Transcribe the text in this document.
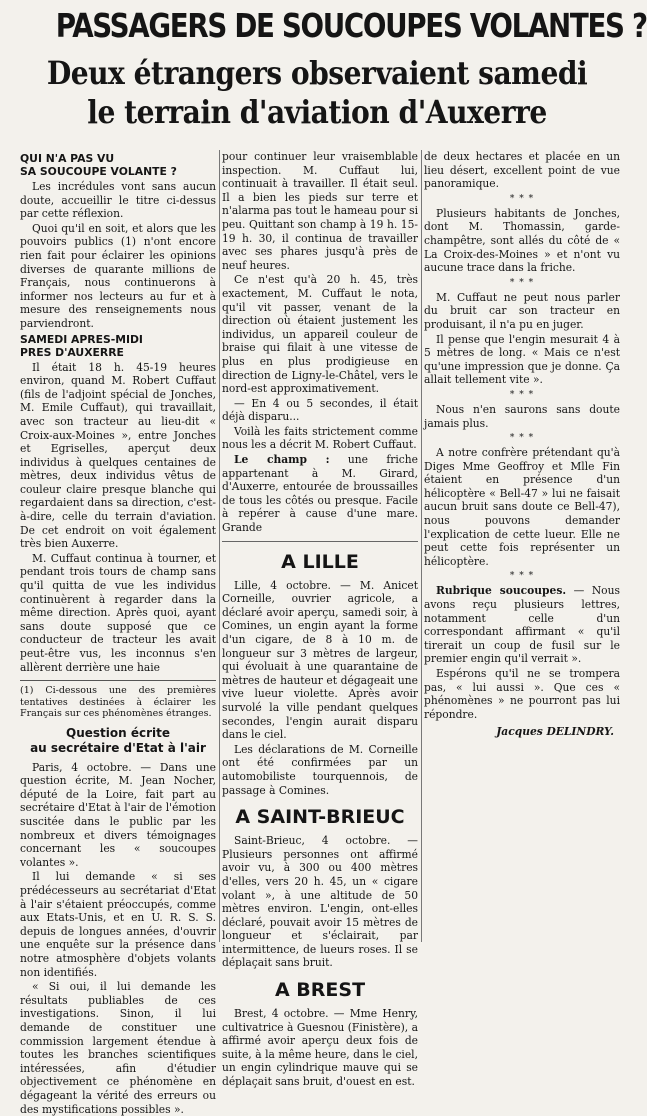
PASSAGERS DE SOUCOUPES VOLANTES ?
Deux étrangers observaient samedi
le terrain d'aviation d'Auxerre
QUI N'A PAS VU
SA SOUCOUPE VOLANTE ?

Les incrédules vont sans aucun doute, accueillir le titre ci-dessus par cette réflexion.

Quoi qu'il en soit, et alors que les pouvoirs publics (1) n'ont encore rien fait pour éclairer les opinions diverses de quarante millions de Français, nous continuerons à informer nos lecteurs au fur et à mesure des renseignements nous parviendront.

SAMEDI APRES-MIDI
PRES D'AUXERRE

Il était 18 h. 45-19 heures environ, quand M. Robert Cuffaut (fils de l'adjoint spécial de Jonches, M. Emile Cuffaut), qui travaillait, avec son tracteur au lieu-dit « Croix-aux-Moines », entre Jonches et Egriselles, aperçut deux individus à quelques centaines de mètres, deux individus vêtus de couleur claire presque blanche qui regardaient dans sa direction, c'est-à-dire, celle du terrain d'aviation. De cet endroit on voit également très bien Auxerre.

M. Cuffaut continua à tourner, et pendant trois tours de champ sans qu'il quitta de vue les individus continuèrent à regarder dans la même direction. Après quoi, ayant sans doute supposé que ce conducteur de tracteur les avait peut-être vus, les inconnus s'en allèrent derrière une haie

(1) Ci-dessous une des premières tentatives destinées à éclairer les Français sur ces phénomènes étranges.
Question écrite
au secrétaire d'Etat à l'air

Paris, 4 octobre. — Dans une question écrite, M. Jean Nocher, député de la Loire, fait part au secrétaire d'Etat à l'air de l'émotion suscitée dans le public par les nombreux et divers témoignages concernant les « soucoupes volantes ».

Il lui demande « si ses prédécesseurs au secrétariat d'Etat à l'air s'étaient préoccupés, comme aux Etats-Unis, et en U. R. S. S. depuis de longues années, d'ouvrir une enquête sur la présence dans notre atmosphère d'objets volants non identifiés.

« Si oui, il lui demande les résultats publiables de ces investigations. Sinon, il lui demande de constituer une commission largement étendue à toutes les branches scientifiques intéressées, afin d'étudier objectivement ce phénomène en dégageant la vérité des erreurs ou des mystifications possibles ».

pour continuer leur vraisemblable inspection. M. Cuffaut lui, continuait à travailler. Il était seul. Il a bien les pieds sur terre et n'alarma pas tout le hameau pour si peu. Quittant son champ à 19 h. 15-19 h. 30, il continua de travailler avec ses phares jusqu'à près de neuf heures.

Ce n'est qu'à 20 h. 45, très exactement, M. Cuffaut le nota, qu'il vit passer, venant de la direction où étaient justement les individus, un appareil couleur de braise qui filait à une vitesse de plus en plus prodigieuse en direction de Ligny-le-Châtel, vers le nord-est approximativement.

— En 4 ou 5 secondes, il était déjà disparu...

Voilà les faits strictement comme nous les a décrit M. Robert Cuffaut.

Le champ : une friche appartenant à M. Girard, d'Auxerre, entourée de broussailles de tous les côtés ou presque. Facile à repérer à cause d'une mare. Grande

A LILLE

Lille, 4 octobre. — M. Anicet Corneille, ouvrier agricole, a déclaré avoir aperçu, samedi soir, à Comines, un engin ayant la forme d'un cigare, de 8 à 10 m. de longueur sur 3 mètres de largeur, qui évoluait à une quarantaine de mètres de hauteur et dégageait une vive lueur violette. Après avoir survolé la ville pendant quelques secondes, l'engin aurait disparu dans le ciel.

Les déclarations de M. Corneille ont été confirmées par un automobiliste tourquennois, de passage à Comines.

A SAINT-BRIEUC

Saint-Brieuc, 4 octobre. — Plusieurs personnes ont affirmé avoir vu, à 300 ou 400 mètres d'elles, vers 20 h. 45, un « cigare volant », à une altitude de 50 mètres environ. L'engin, ont-elles déclaré, pouvait avoir 15 mètres de longueur et s'éclairait, par intermittence, de lueurs roses. Il se déplaçait sans bruit.

A BREST

Brest, 4 octobre. — Mme Henry, cultivatrice à Guesnou (Finistère), a affirmé avoir aperçu deux fois de suite, à la même heure, dans le ciel, un engin cylindrique mauve qui se déplaçait sans bruit, d'ouest en est.

de deux hectares et placée en un lieu désert, excellent point de vue panoramique.

* * *

Plusieurs habitants de Jonches, dont M. Thomassin, garde-champêtre, sont allés du côté de « La Croix-des-Moines » et n'ont vu aucune trace dans la friche.

* * *

M. Cuffaut ne peut nous parler du bruit car son tracteur en produisant, il n'a pu en juger.

Il pense que l'engin mesurait 4 à 5 mètres de long. « Mais ce n'est qu'une impression que je donne. Ça allait tellement vite ».

* * *

Nous n'en saurons sans doute jamais plus.

* * *

A notre confrère prétendant qu'à Diges Mme Geoffroy et Mlle Fin étaient en présence d'un hélicoptère « Bell-47 » lui ne faisait aucun bruit sans doute ce Bell-47), nous pouvons demander l'explication de cette lueur. Elle ne peut cette fois représenter un hélicoptère.

* * *

Rubrique soucoupes. — Nous avons reçu plusieurs lettres, notamment celle d'un correspondant affirmant « qu'il tirerait un coup de fusil sur le premier engin qu'il verrait ».

Espérons qu'il ne se trompera pas, « lui aussi ». Que ces « phénomènes » ne pourront pas lui répondre.

Jacques DELINDRY.
